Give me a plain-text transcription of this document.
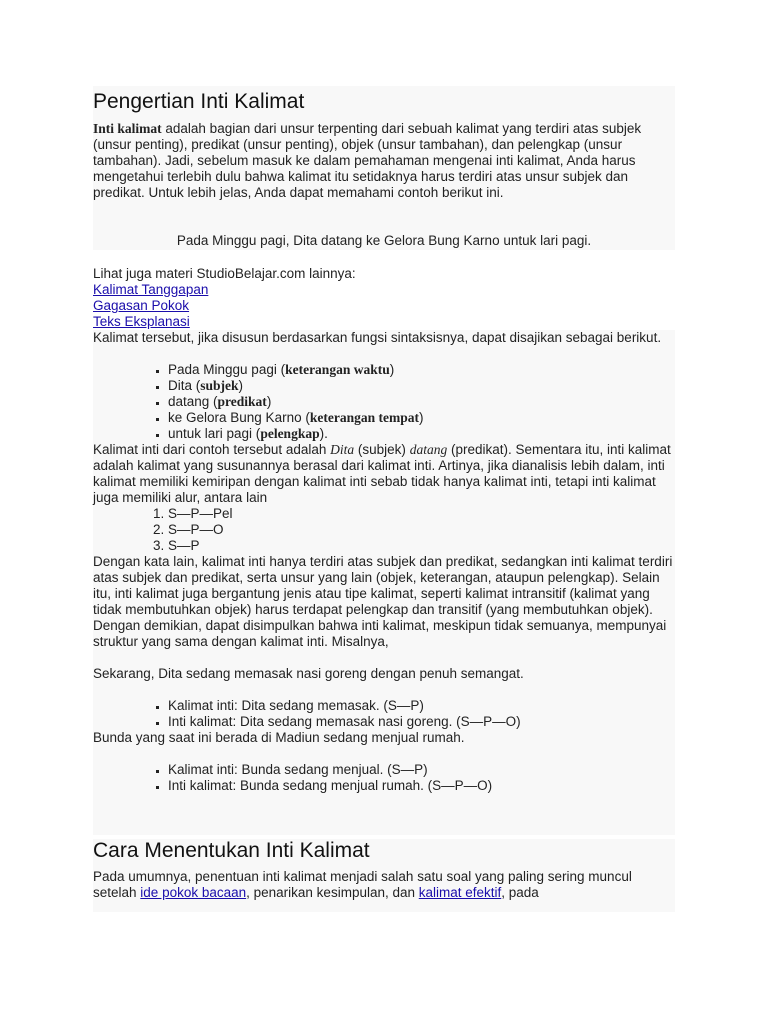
Pengertian Inti Kalimat

Inti kalimat adalah bagian dari unsur terpenting dari sebuah kalimat yang terdiri atas subjek (unsur penting), predikat (unsur penting), objek (unsur tambahan), dan pelengkap (unsur tambahan). Jadi, sebelum masuk ke dalam pemahaman mengenai inti kalimat, Anda harus mengetahui terlebih dulu bahwa kalimat itu setidaknya harus terdiri atas unsur subjek dan predikat. Untuk lebih jelas, Anda dapat memahami contoh berikut ini.

Pada Minggu pagi, Dita datang ke Gelora Bung Karno untuk lari pagi.

Lihat juga materi StudioBelajar.com lainnya:
Kalimat Tanggapan
Gagasan Pokok
Teks Eksplanasi

Kalimat tersebut, jika disusun berdasarkan fungsi sintaksisnya, dapat disajikan sebagai berikut.

▪ Pada Minggu pagi (keterangan waktu)
▪ Dita (subjek)
▪ datang (predikat)
▪ ke Gelora Bung Karno (keterangan tempat)
▪ untuk lari pagi (pelengkap).

Kalimat inti dari contoh tersebut adalah Dita (subjek) datang (predikat). Sementara itu, inti kalimat adalah kalimat yang susunannya berasal dari kalimat inti. Artinya, jika dianalisis lebih dalam, inti kalimat memiliki kemiripan dengan kalimat inti sebab tidak hanya kalimat inti, tetapi inti kalimat juga memiliki alur, antara lain

1. S—P—Pel
2. S—P—O
3. S—P

Dengan kata lain, kalimat inti hanya terdiri atas subjek dan predikat, sedangkan inti kalimat terdiri atas subjek dan predikat, serta unsur yang lain (objek, keterangan, ataupun pelengkap). Selain itu, inti kalimat juga bergantung jenis atau tipe kalimat, seperti kalimat intransitif (kalimat yang tidak membutuhkan objek) harus terdapat pelengkap dan transitif (yang membutuhkan objek). Dengan demikian, dapat disimpulkan bahwa inti kalimat, meskipun tidak semuanya, mempunyai struktur yang sama dengan kalimat inti. Misalnya,

Sekarang, Dita sedang memasak nasi goreng dengan penuh semangat.

▪ Kalimat inti: Dita sedang memasak. (S—P)
▪ Inti kalimat: Dita sedang memasak nasi goreng. (S—P—O)

Bunda yang saat ini berada di Madiun sedang menjual rumah.

▪ Kalimat inti: Bunda sedang menjual. (S—P)
▪ Inti kalimat: Bunda sedang menjual rumah. (S—P—O)
Cara Menentukan Inti Kalimat

Pada umumnya, penentuan inti kalimat menjadi salah satu soal yang paling sering muncul setelah ide pokok bacaan, penarikan kesimpulan, dan kalimat efektif, pada
